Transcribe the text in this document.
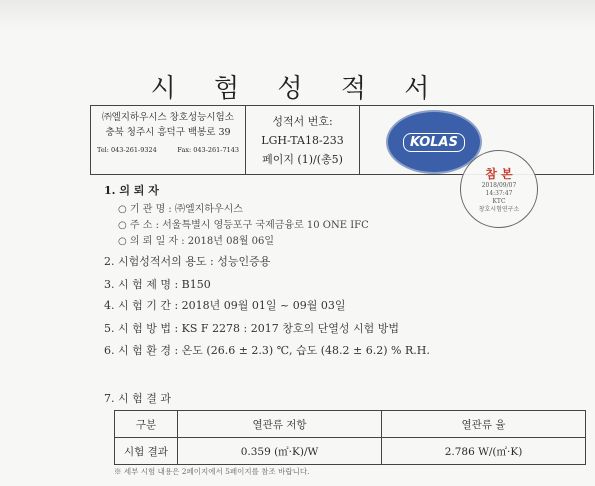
시 험 성 적 서
㈜엘지하우시스 창호성능시험소
충북 청주시 흥덕구 백봉로 39
Tel: 043-261-9324	Fax: 043-261-7143
성적서 번호:
LGH-TA18-233
페이지 (1)/(총5)
KOLAS
참 본
2018/09/07
14:37:47
KTC
창호시험연구소
1. 의 뢰 자
○ 기 관 명 : ㈜엘지하우시스
○ 주 소 : 서울특별시 영등포구 국제금융로 10 ONE IFC
○ 의 뢰 일 자 : 2018년 08월 06일
2. 시험성적서의 용도 : 성능인증용
3. 시 험 제 명 : B150
4. 시 험 기 간 : 2018년 09월 01일 ~ 09월 03일
5. 시 험 방 법 : KS F 2278 : 2017 창호의 단열성 시험 방법
6. 시 험 환 경 : 온도 (26.6 ± 2.3) ℃, 습도 (48.2 ± 6.2) % R.H.
7. 시 험 결 과
구분	열관류 저항	열관류 율
시험 결과	0.359 (㎡·K)/W	2.786 W/(㎡·K)
※ 세부 시험 내용은 2페이지에서 5페이지를 참조 바랍니다.
